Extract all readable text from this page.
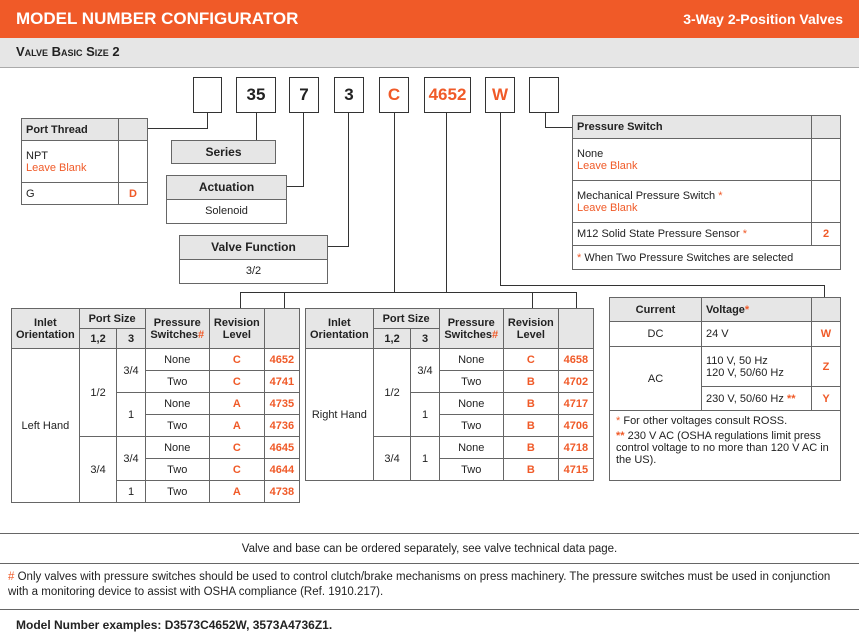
MODEL NUMBER CONFIGURATOR	3-Way 2-Position Valves
Valve Basic Size 2
35	7	3	C	4652	W
Port Thread	

NPT
Leave Blank	

G	D
Series
Actuation
Solenoid
Valve Function
3/2
Pressure Switch	

None
Leave Blank	

Mechanical Pressure Switch *
Leave Blank	

M12 Solid State Pressure Sensor *	2
* When Two Pressure Switches are selected	
Current	Voltage*	
DC	24 V	W
AC	110 V, 50 Hz
120 V, 50/60 Hz	Z
	230 V, 50/60 Hz **	Y

* For other voltages consult ROSS.
** 230 V AC (OSHA regulations limit press control voltage to no more than 120 V AC in the US).		
Inlet Orientation	Port Size		Pressure Switches#	Revision Level	
	1,2	3			
Left Hand	1/2	3/4	None	C	4652
			Two	C	4741
		1	None	A	4735
			Two	A	4736
	3/4	3/4	None	C	4645
			Two	C	4644
		1	Two	A	4738
Inlet Orientation	Port Size		Pressure Switches#	Revision Level	
	1,2	3			
Right Hand	1/2	3/4	None	C	4658
			Two	B	4702
		1	None	B	4717
			Two	B	4706
	3/4	1	None	B	4718
			Two	B	4715
Valve and base can be ordered separately, see valve technical data page.
# Only valves with pressure switches should be used to control clutch/brake mechanisms on press machinery. The pressure switches must be used in conjunction with a monitoring device to assist with OSHA compliance (Ref. 1910.217).
Model Number examples: D3573C4652W, 3573A4736Z1.
